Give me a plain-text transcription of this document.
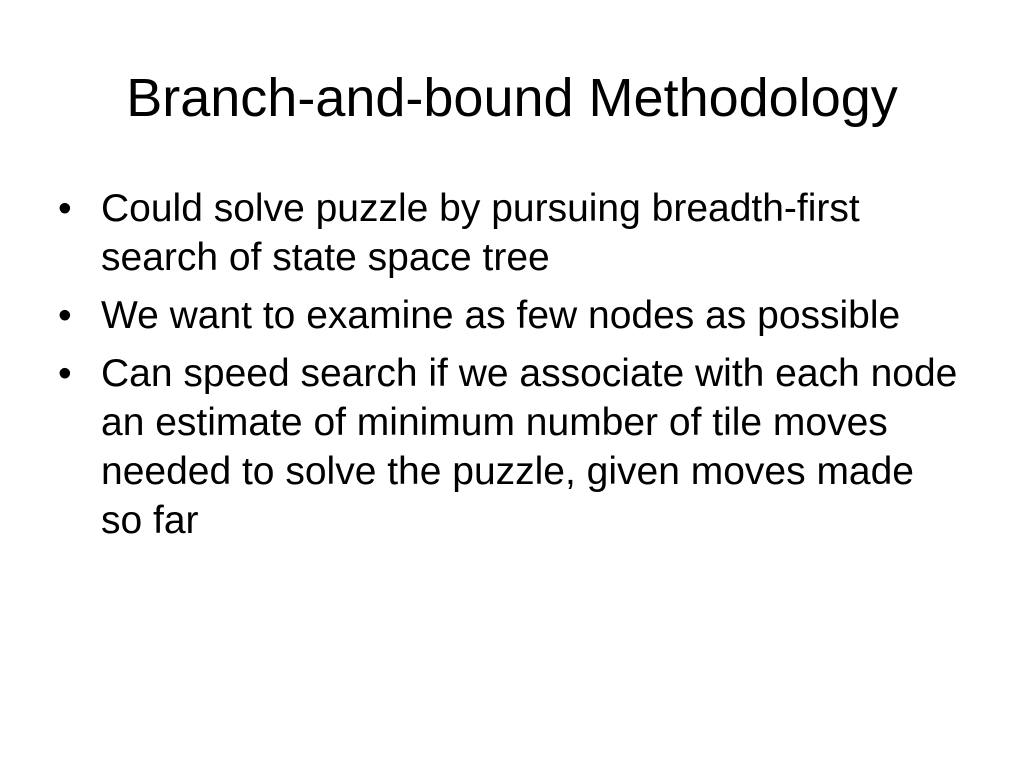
Branch-and-bound Methodology
• Could solve puzzle by pursuing breadth-first search of state space tree
• We want to examine as few nodes as possible
• Can speed search if we associate with each node an estimate of minimum number of tile moves needed to solve the puzzle, given moves made so far
